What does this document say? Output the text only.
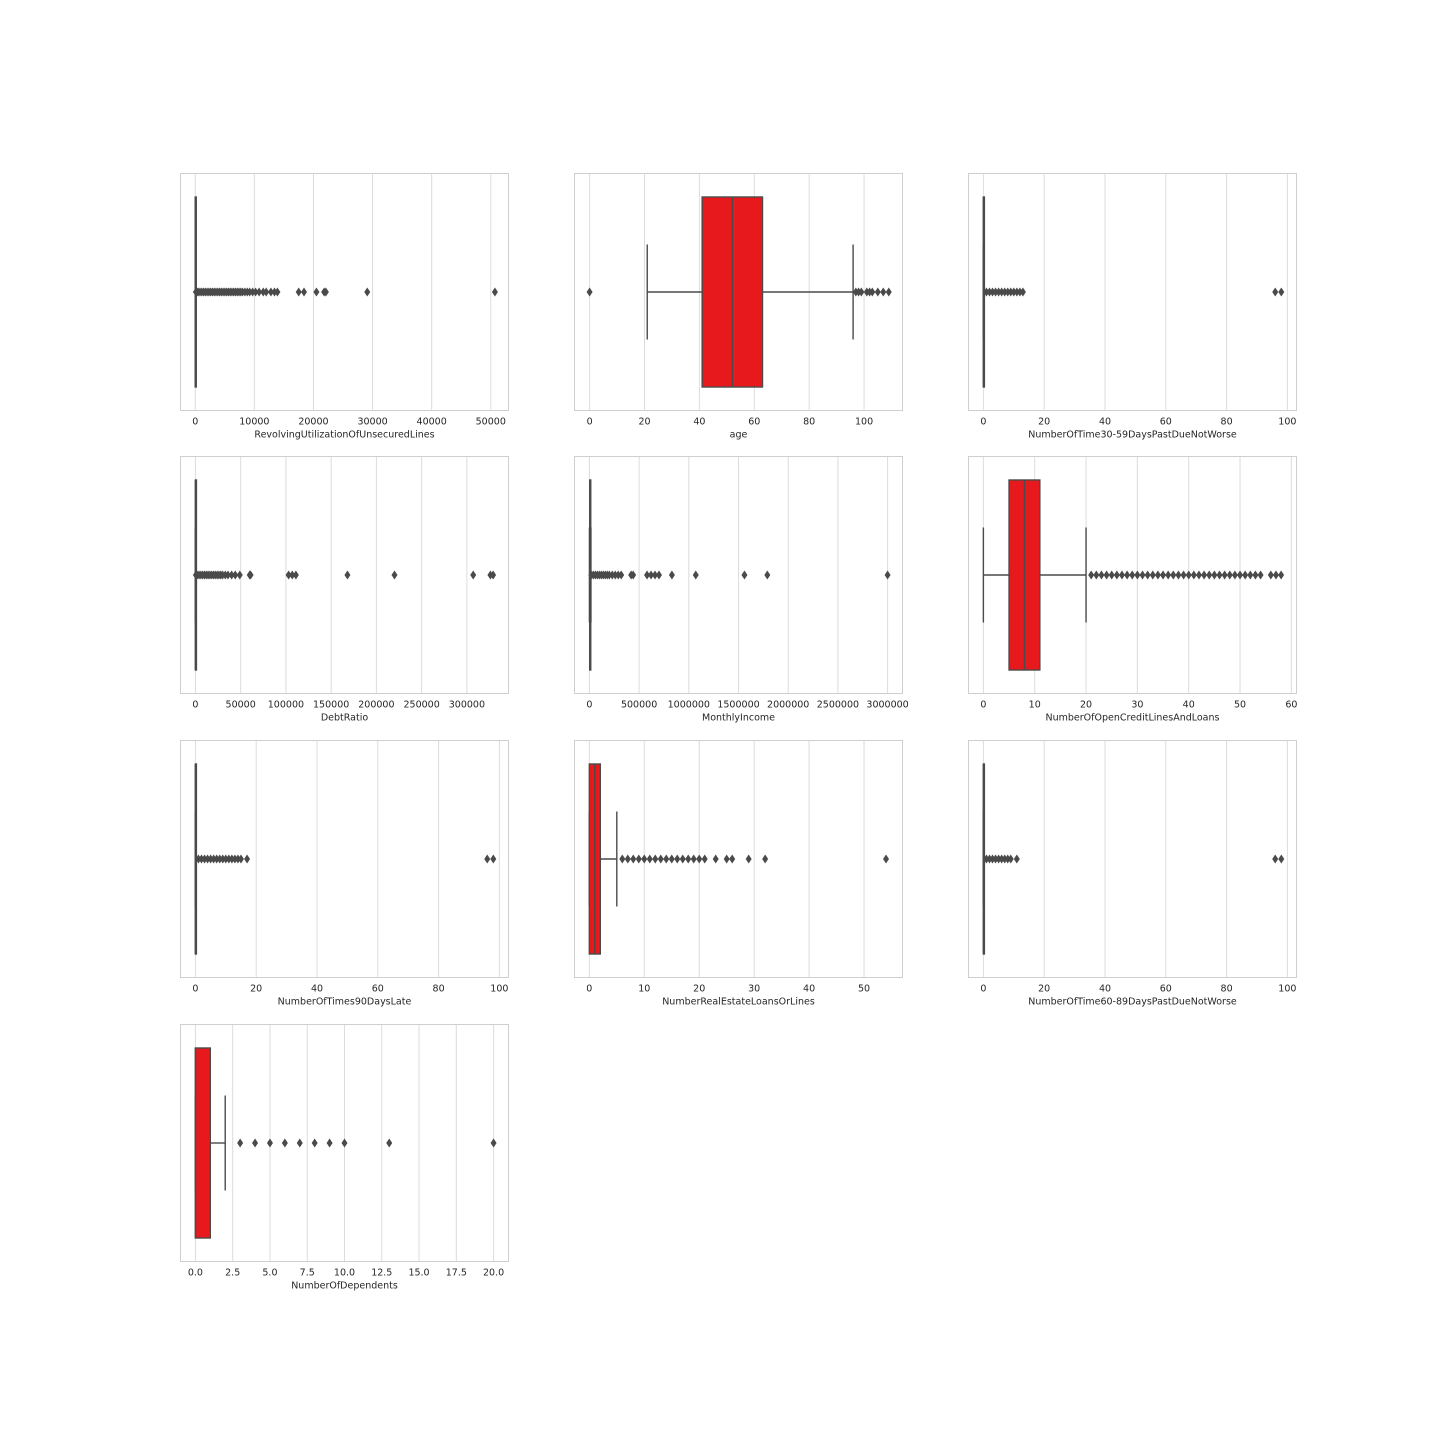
0	10000	20000	30000	40000	50000
RevolvingUtilizationOfUnsecuredLines
0	20	40	60	80	100
age
0	20	40	60	80	100
NumberOfTime30-59DaysPastDueNotWorse
0	50000 100000 150000 200000 250000 300000
DebtRatio
0	500000 1000000 1500000 2000000 2500000 3000000
MonthlyIncome
0	10	20	30	40	50	60
NumberOfOpenCreditLinesAndLoans
0	20	40	60	80	100
NumberOfTimes90DaysLate
0	10	20	30	40	50
NumberRealEstateLoansOrLines
0	20	40	60	80	100
NumberOfTime60-89DaysPastDueNotWorse
0.0 2.5 5.0 7.5 10.0 12.5 15.0 17.5 20.0
NumberOfDependents
